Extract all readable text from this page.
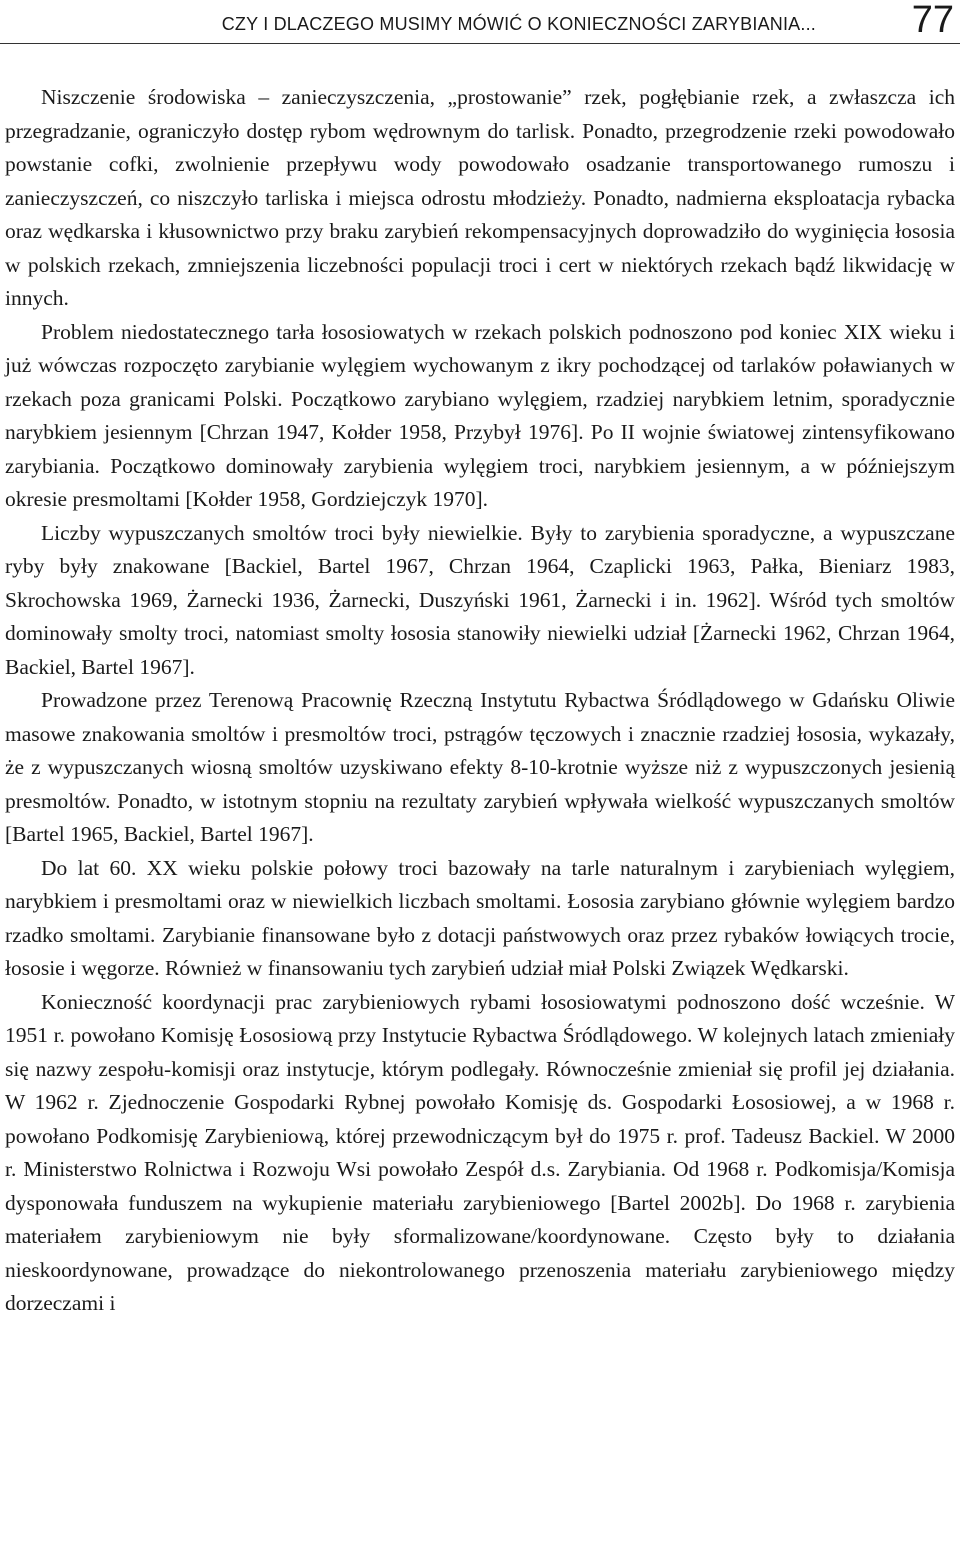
CZY I DLACZEGO MUSIMY MÓWIĆ O KONIECZNOŚCI ZARYBIANIA...	77

Niszczenie środowiska – zanieczyszczenia, „prostowanie” rzek, pogłębianie rzek, a zwłaszcza ich przegradzanie, ograniczyło dostęp rybom wędrownym do tarlisk. Ponadto, przegrodzenie rzeki powodowało powstanie cofki, zwolnienie przepływu wody powodowało osadzanie transportowanego rumoszu i zanieczyszczeń, co niszczyło tarliska i miejsca odrostu młodzieży. Ponadto, nadmierna eksploatacja rybacka oraz wędkarska i kłusownictwo przy braku zarybień rekompensacyjnych doprowadziło do wyginięcia łososia w polskich rzekach, zmniejszenia liczebności populacji troci i cert w niektórych rzekach bądź likwidację w innych.

Problem niedostatecznego tarła łososiowatych w rzekach polskich podnoszono pod koniec XIX wieku i już wówczas rozpoczęto zarybianie wylęgiem wychowanym z ikry pochodzącej od tarlaków poławianych w rzekach poza granicami Polski. Początkowo zarybiano wylęgiem, rzadziej narybkiem letnim, sporadycznie narybkiem jesiennym [Chrzan 1947, Kołder 1958, Przybył 1976]. Po II wojnie światowej zintensyfikowano zarybiania. Początkowo dominowały zarybienia wylęgiem troci, narybkiem jesiennym, a w późniejszym okresie presmoltami [Kołder 1958, Gordziejczyk 1970].

Liczby wypuszczanych smoltów troci były niewielkie. Były to zarybienia sporadyczne, a wypuszczane ryby były znakowane [Backiel, Bartel 1967, Chrzan 1964, Czaplicki 1963, Pałka, Bieniarz 1983, Skrochowska 1969, Żarnecki 1936, Żarnecki, Duszyński 1961, Żarnecki i in. 1962]. Wśród tych smoltów dominowały smolty troci, natomiast smolty łososia stanowiły niewielki udział [Żarnecki 1962, Chrzan 1964, Backiel, Bartel 1967].

Prowadzone przez Terenową Pracownię Rzeczną Instytutu Rybactwa Śródlądowego w Gdańsku Oliwie masowe znakowania smoltów i presmoltów troci, pstrągów tęczowych i znacznie rzadziej łososia, wykazały, że z wypuszczanych wiosną smoltów uzyskiwano efekty 8-10-krotnie wyższe niż z wypuszczonych jesienią presmoltów. Ponadto, w istotnym stopniu na rezultaty zarybień wpływała wielkość wypuszczanych smoltów [Bartel 1965, Backiel, Bartel 1967].

Do lat 60. XX wieku polskie połowy troci bazowały na tarle naturalnym i zarybieniach wylęgiem, narybkiem i presmoltami oraz w niewielkich liczbach smoltami. Łososia zarybiano głównie wylęgiem bardzo rzadko smoltami. Zarybianie finansowane było z dotacji państwowych oraz przez rybaków łowiących trocie, łososie i węgorze. Również w finansowaniu tych zarybień udział miał Polski Związek Wędkarski.

Konieczność koordynacji prac zarybieniowych rybami łososiowatymi podnoszono dość wcześnie. W 1951 r. powołano Komisję Łososiową przy Instytucie Rybactwa Śródlądowego. W kolejnych latach zmieniały się nazwy zespołu-komisji oraz instytucje, którym podlegały. Równocześnie zmieniał się profil jej działania. W 1962 r. Zjednoczenie Gospodarki Rybnej powołało Komisję ds. Gospodarki Łososiowej, a w 1968 r. powołano Podkomisję Zarybieniową, której przewodniczącym był do 1975 r. prof. Tadeusz Backiel. W 2000 r. Ministerstwo Rolnictwa i Rozwoju Wsi powołało Zespół d.s. Zarybiania. Od 1968 r. Podkomisja/Komisja dysponowała funduszem na wykupienie materiału zarybieniowego [Bartel 2002b]. Do 1968 r. zarybienia materiałem zarybieniowym nie były sformalizowane/koordynowane. Często były to działania nieskoordynowane, prowadzące do niekontrolowanego przenoszenia materiału zarybieniowego między dorzeczami i
